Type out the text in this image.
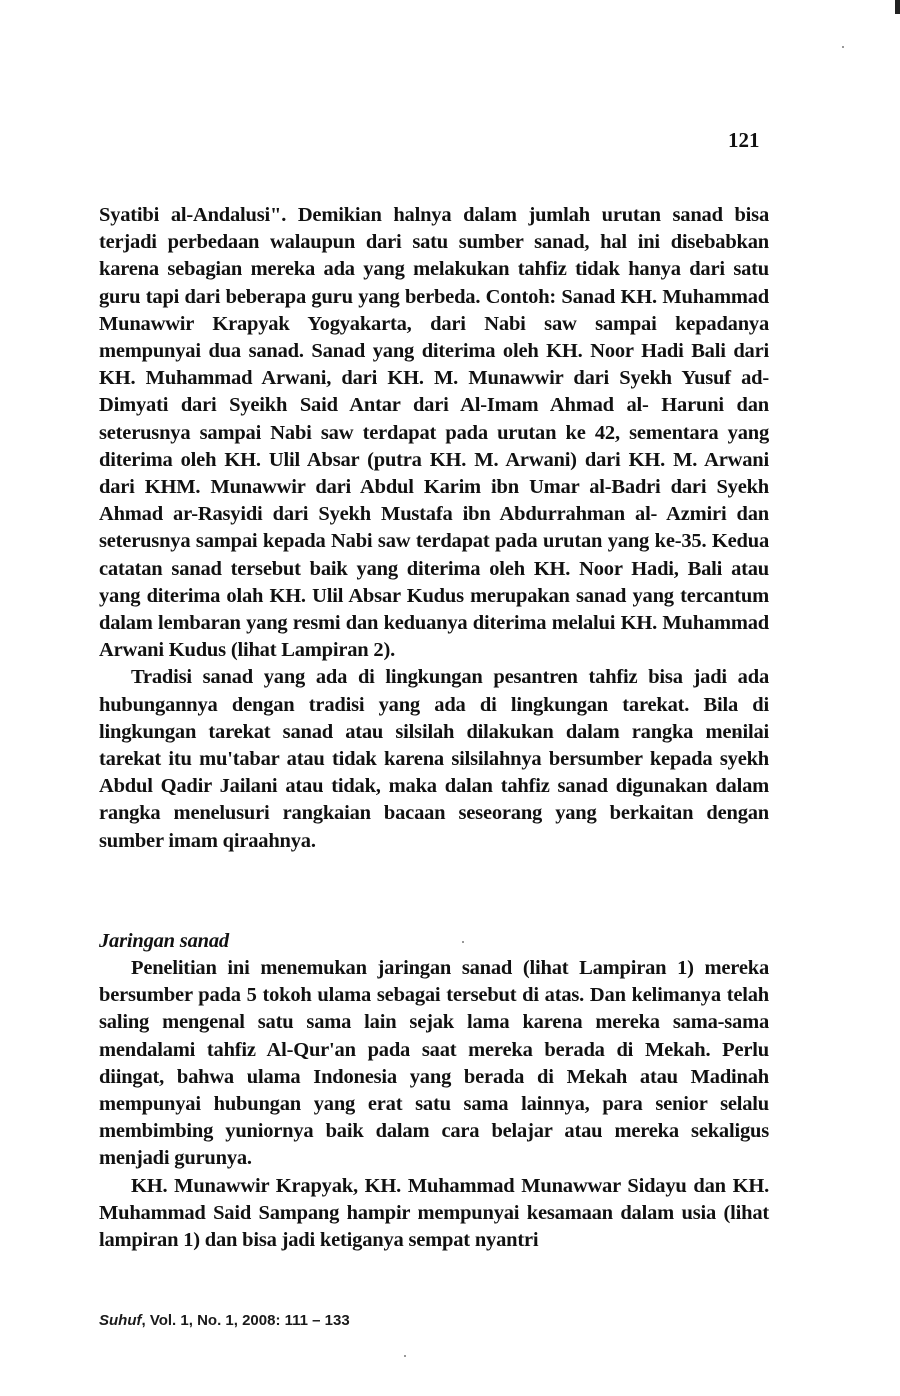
121

Syatibi al-Andalusi". Demikian halnya dalam jumlah urutan sanad bisa terjadi perbedaan walaupun dari satu sumber sanad, hal ini disebabkan karena sebagian mereka ada yang melakukan tahfiz tidak hanya dari satu guru tapi dari beberapa guru yang berbeda. Contoh: Sanad KH. Muhammad Munawwir Krapyak Yogyakarta, dari Nabi saw sampai kepadanya mempunyai dua sanad. Sanad yang diterima oleh KH. Noor Hadi Bali dari KH. Muhammad Arwani, dari KH. M. Munawwir dari Syekh Yusuf ad-Dimyati dari Syeikh Said Antar dari Al-Imam Ahmad al- Haruni dan seterusnya sampai Nabi saw terdapat pada urutan ke 42, sementara yang diterima oleh KH. Ulil Absar (putra KH. M. Arwani) dari KH. M. Arwani dari KHM. Munawwir dari Abdul Karim ibn Umar al-Badri dari Syekh Ahmad ar-Rasyidi dari Syekh Mustafa ibn Abdurrahman al- Azmiri dan seterusnya sampai kepada Nabi saw terdapat pada urutan yang ke-35. Kedua catatan sanad tersebut baik yang diterima oleh KH. Noor Hadi, Bali atau yang diterima olah KH. Ulil Absar Kudus merupakan sanad yang tercantum dalam lembaran yang resmi dan keduanya diterima melalui KH. Muhammad Arwani Kudus (lihat Lampiran 2).

Tradisi sanad yang ada di lingkungan pesantren tahfiz bisa jadi ada hubungannya dengan tradisi yang ada di lingkungan tarekat. Bila di lingkungan tarekat sanad atau silsilah dilakukan dalam rangka menilai tarekat itu mu'tabar atau tidak karena silsilahnya bersumber kepada syekh Abdul Qadir Jailani atau tidak, maka dalan tahfiz sanad digunakan dalam rangka menelusuri rangkaian bacaan seseorang yang berkaitan dengan sumber imam qiraahnya.

Jaringan sanad

Penelitian ini menemukan jaringan sanad (lihat Lampiran 1) mereka bersumber pada 5 tokoh ulama sebagai tersebut di atas. Dan kelimanya telah saling mengenal satu sama lain sejak lama karena mereka sama-sama mendalami tahfiz Al-Qur'an pada saat mereka berada di Mekah. Perlu diingat, bahwa ulama Indonesia yang berada di Mekah atau Madinah mempunyai hubungan yang erat satu sama lainnya, para senior selalu membimbing yuniornya baik dalam cara belajar atau mereka sekaligus menjadi gurunya.

KH. Munawwir Krapyak, KH. Muhammad Munawwar Sidayu dan KH. Muhammad Said Sampang hampir mempunyai kesamaan dalam usia (lihat lampiran 1) dan bisa jadi ketiganya sempat nyantri

Suhuf, Vol. 1, No. 1, 2008: 111 – 133
